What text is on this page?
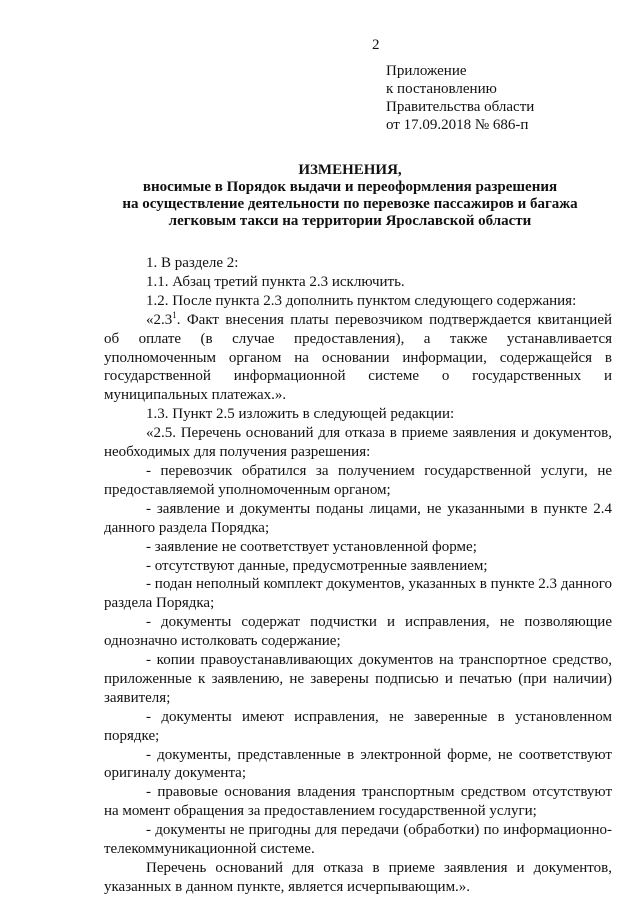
2
Приложение
к постановлению
Правительства области
от 17.09.2018 № 686-п
ИЗМЕНЕНИЯ,
вносимые в Порядок выдачи и переоформления разрешения
на осуществление деятельности по перевозке пассажиров и багажа
легковым такси на территории Ярославской области

1. В разделе 2:

1.1. Абзац третий пункта 2.3 исключить.

1.2. После пункта 2.3 дополнить пунктом следующего содержания:

«$2.3^1$. Факт внесения платы перевозчиком подтверждается квитанцией об оплате (в случае предоставления), а также устанавливается уполномоченным органом на основании информации, содержащейся в государственной информационной системе о государственных и муниципальных платежах.».

1.3. Пункт 2.5 изложить в следующей редакции:

«2.5. Перечень оснований для отказа в приеме заявления и документов, необходимых для получения разрешения:

- перевозчик обратился за получением государственной услуги, не предоставляемой уполномоченным органом;

- заявление и документы поданы лицами, не указанными в пункте 2.4 данного раздела Порядка;

- заявление не соответствует установленной форме;

- отсутствуют данные, предусмотренные заявлением;

- подан неполный комплект документов, указанных в пункте 2.3 данного раздела Порядка;

- документы содержат подчистки и исправления, не позволяющие однозначно истолковать содержание;

- копии правоустанавливающих документов на транспортное средство, приложенные к заявлению, не заверены подписью и печатью (при наличии) заявителя;

- документы имеют исправления, не заверенные в установленном порядке;

- документы, представленные в электронной форме, не соответствуют оригиналу документа;

- правовые основания владения транспортным средством отсутствуют на момент обращения за предоставлением государственной услуги;

- документы не пригодны для передачи (обработки) по информационно-телекоммуникационной системе.

Перечень оснований для отказа в приеме заявления и документов, указанных в данном пункте, является исчерпывающим.».
